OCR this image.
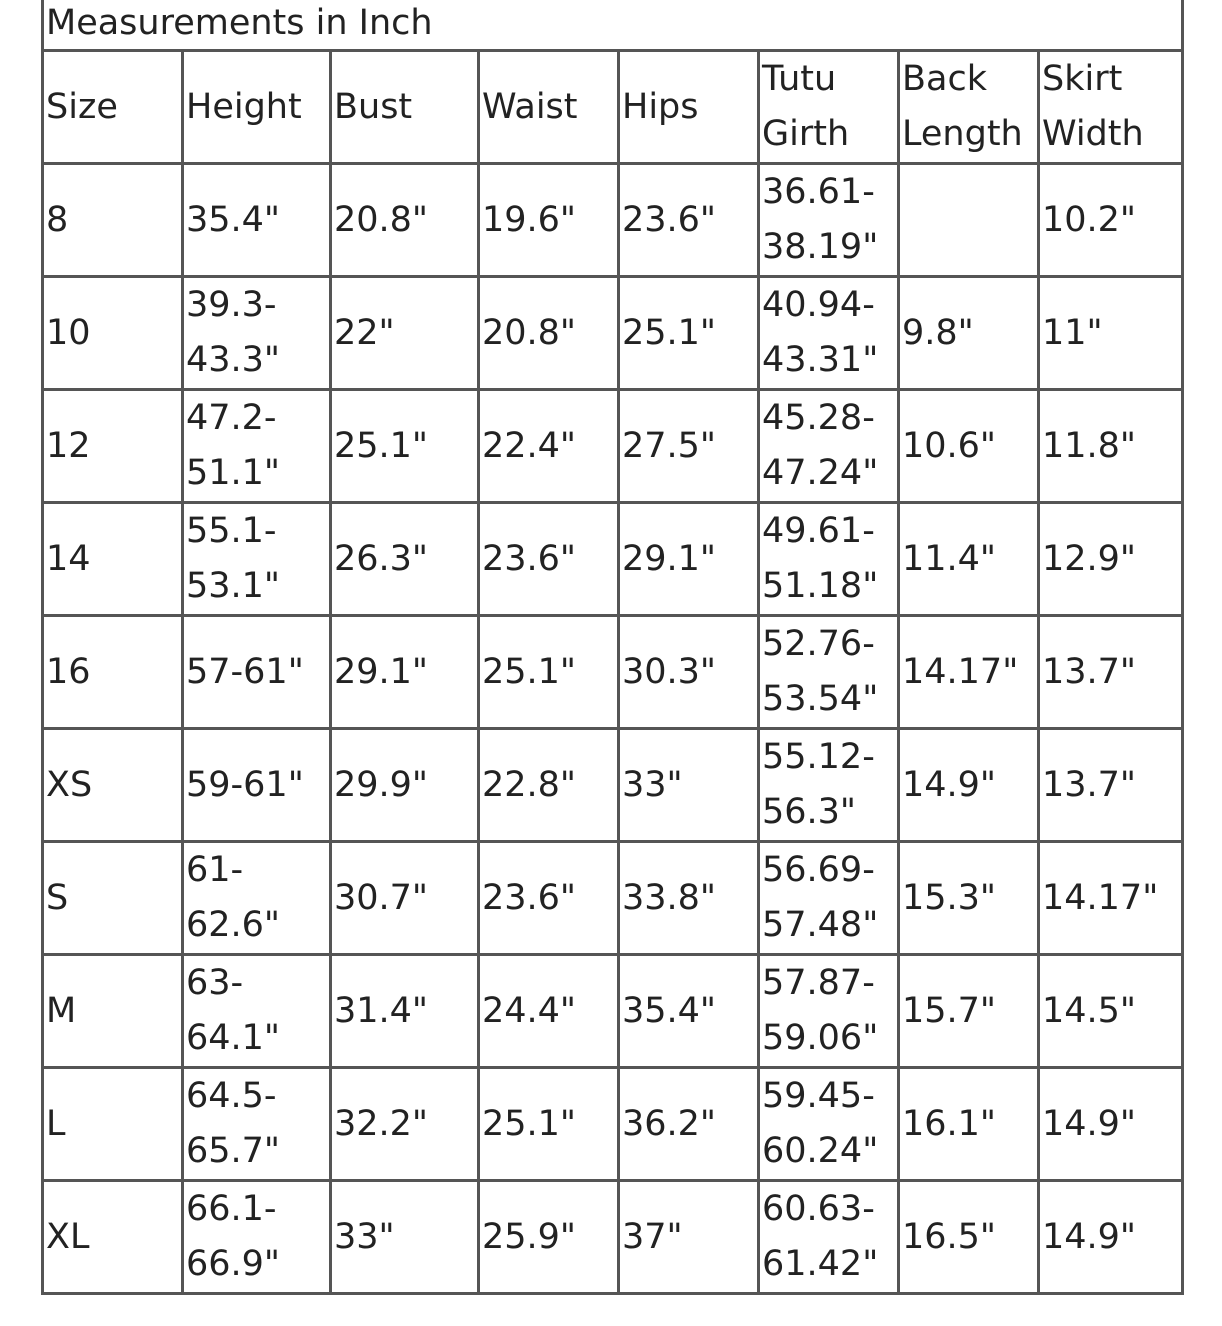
Measurements in Inch							
Size	Height	Bust	Waist	Hips	Tutu Girth	Back Length	Skirt Width
8	35.4"	20.8"	19.6"	23.6"	36.61-38.19"		10.2"
10	39.3-43.3"	22"	20.8"	25.1"	40.94-43.31"	9.8"	11"
12	47.2-51.1"	25.1"	22.4"	27.5"	45.28-47.24"	10.6"	11.8"
14	55.1-53.1"	26.3"	23.6"	29.1"	49.61-51.18"	11.4"	12.9"
16	57-61"	29.1"	25.1"	30.3"	52.76-53.54"	14.17"	13.7"
XS	59-61"	29.9"	22.8"	33"	55.12-56.3"	14.9"	13.7"
S	61-62.6"	30.7"	23.6"	33.8"	56.69-57.48"	15.3"	14.17"
M	63-64.1"	31.4"	24.4"	35.4"	57.87-59.06"	15.7"	14.5"
L	64.5-65.7"	32.2"	25.1"	36.2"	59.45-60.24"	16.1"	14.9"
XL	66.1-66.9"	33"	25.9"	37"	60.63-61.42"	16.5"	14.9"
